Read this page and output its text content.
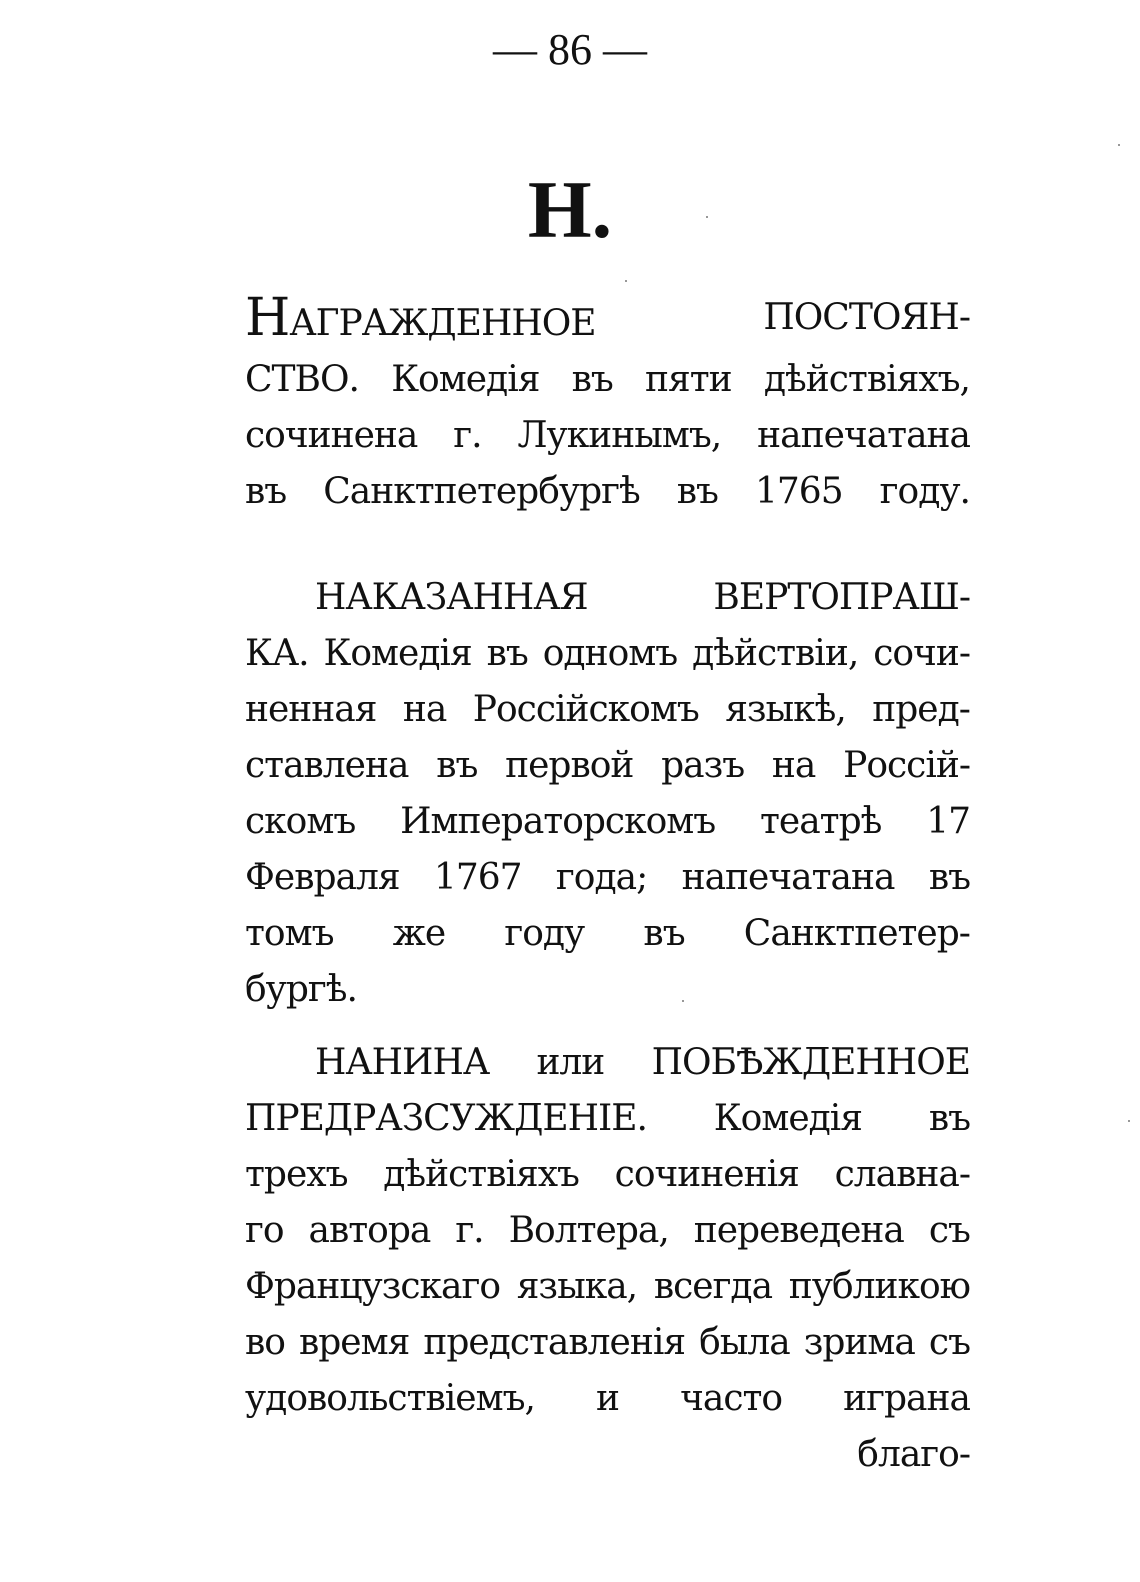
— 86 —
Н.
НАГРАЖДЕННОЕ	ПОСТОЯН-
СТВО. Комедія въ пяти дѣйствіяхъ,
сочинена г. Лукинымъ, напечатана
въ Санктпетербургѣ въ 1765 году.
НАКАЗАННАЯ	ВЕРТОПРАШ-
КА. Комедія въ одномъ дѣйствіи, сочи-
ненная на Россійскомъ языкѣ, пред-
ставлена въ первой разъ на Россій-
скомъ Императорскомъ театрѣ 17
Февраля 1767 года; напечатана въ
томъ же году въ Санктпетер-
бургѣ.
НАНИНА или ПОБѢЖДЕННОЕ
ПРЕДРАЗСУЖДЕНІЕ. Комедія въ
трехъ дѣйствіяхъ сочиненія славна-
го автора г. Волтера, переведена съ
Французскаго языка, всегда публикою
во время представленія была зрима съ
удовольствіемъ, и часто играна
благо-
